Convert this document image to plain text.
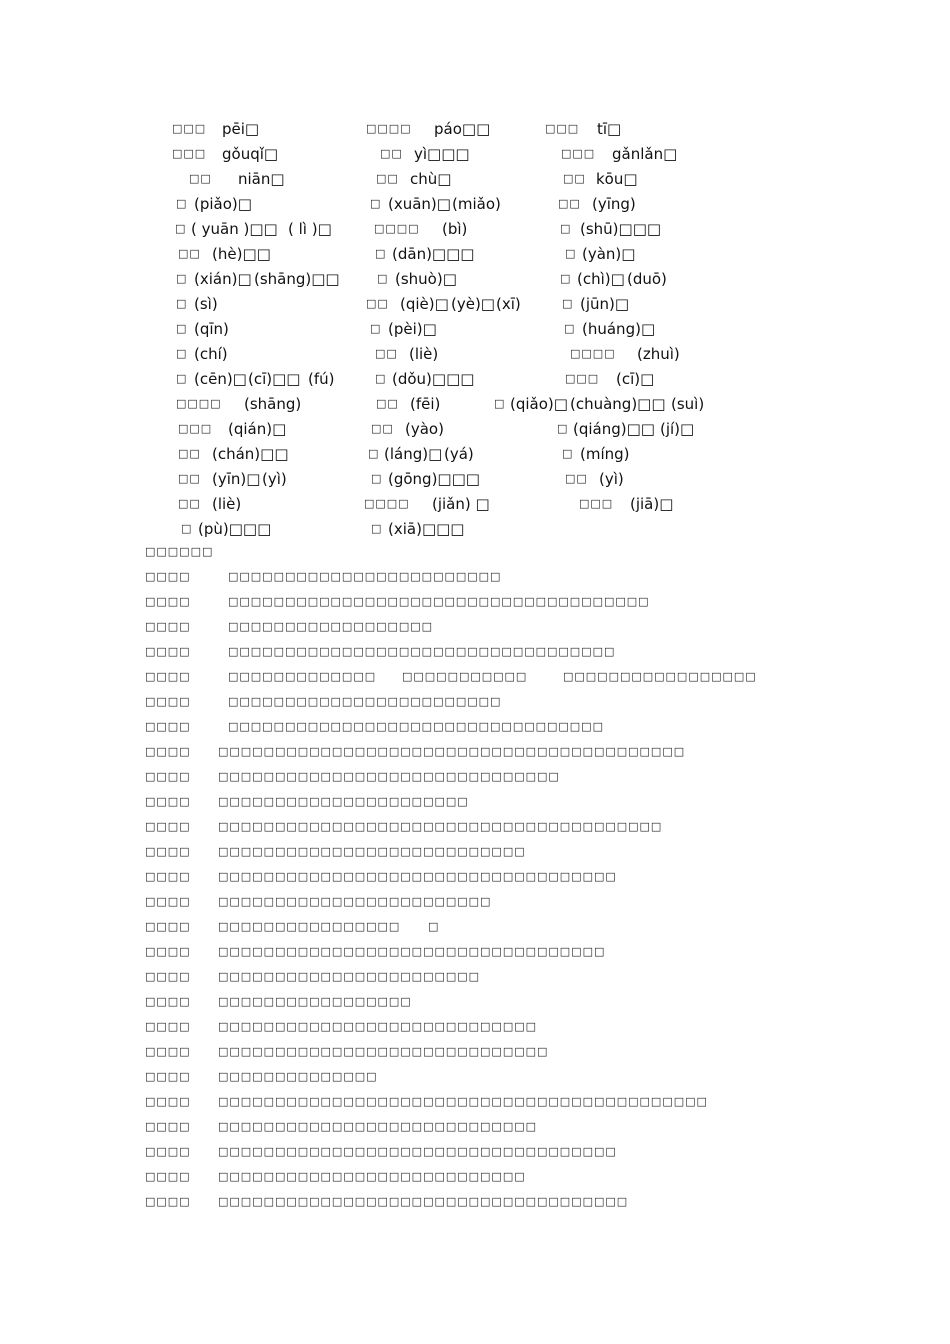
□□□ pēi□	□□□□ páo□□	□□□ tī□
□□□ gǒuqǐ□	□□ yì□□□	□□□ gǎnlǎn□
□□ niān□	□□ chù□	□□ kōu□
□ (piǎo)□	□ (xuān)□ (miǎo)	□□ (yīng)
□ ( yuān )□□ ( lì )□	□□□□ (bì)	□ (shū)□□□
□□ (hè)□□	□ (dān)□□□	□ (yàn)□
□ (xián)□ (shāng)□□	□ (shuò)□	□ (chì)□ (duō)
□ (sì)	□□ (qiè)□ (yè)□ (xī)	□ (jūn)□
□ (qīn)	□ (pèi)□	□ (huáng)□
□ (chí)	□□ (liè)	□□□□ (zhuì)
□ (cēn)□ (cī)□□ (fú)	□ (dǒu)□□□	□□□ (cī)□
□□□□ (shāng)	□□ (fēi)	□ (qiǎo)□ (chuàng)□□ (suì)
□□□ (qián)□	□□ (yào)	□ (qiáng)□□ (jí)□
□□ (chán)□□	□ (láng)□ (yá)	□ (míng)
□□ (yīn)□ (yì)	□ (gōng)□□□	□□ (yì)
□□ (liè)	□□□□ (jiǎn) □	□□□ (jiā)□
□ (pù)□□□	□ (xiā)□□□

□□□□□□

□□□□	□□□□□□□□□□□□□□□□□□□□□□□□
□□□□	□□□□□□□□□□□□□□□□□□□□□□□□□□□□□□□□□□□□□
□□□□	□□□□□□□□□□□□□□□□□□
□□□□	□□□□□□□□□□□□□□□□□□□□□□□□□□□□□□□□□□
□□□□	□□□□□□□□□□□□□ □□□□□□□□□□□	□□□□□□□□□□□□□□□□□
□□□□	□□□□□□□□□□□□□□□□□□□□□□□□
□□□□	□□□□□□□□□□□□□□□□□□□□□□□□□□□□□□□□□
□□□□ □□□□□□□□□□□□□□□□□□□□□□□□□□□□□□□□□□□□□□□□□
□□□□ □□□□□□□□□□□□□□□□□□□□□□□□□□□□□□
□□□□ □□□□□□□□□□□□□□□□□□□□□□
□□□□ □□□□□□□□□□□□□□□□□□□□□□□□□□□□□□□□□□□□□□□
□□□□ □□□□□□□□□□□□□□□□□□□□□□□□□□□
□□□□ □□□□□□□□□□□□□□□□□□□□□□□□□□□□□□□□□□□
□□□□ □□□□□□□□□□□□□□□□□□□□□□□□
□□□□ □□□□□□□□□□□□□□□□	□
□□□□ □□□□□□□□□□□□□□□□□□□□□□□□□□□□□□□□□□
□□□□ □□□□□□□□□□□□□□□□□□□□□□□
□□□□ □□□□□□□□□□□□□□□□□
□□□□ □□□□□□□□□□□□□□□□□□□□□□□□□□□□
□□□□ □□□□□□□□□□□□□□□□□□□□□□□□□□□□□
□□□□ □□□□□□□□□□□□□□
□□□□ □□□□□□□□□□□□□□□□□□□□□□□□□□□□□□□□□□□□□□□□□□□
□□□□ □□□□□□□□□□□□□□□□□□□□□□□□□□□□
□□□□ □□□□□□□□□□□□□□□□□□□□□□□□□□□□□□□□□□□
□□□□ □□□□□□□□□□□□□□□□□□□□□□□□□□□
□□□□ □□□□□□□□□□□□□□□□□□□□□□□□□□□□□□□□□□□□
